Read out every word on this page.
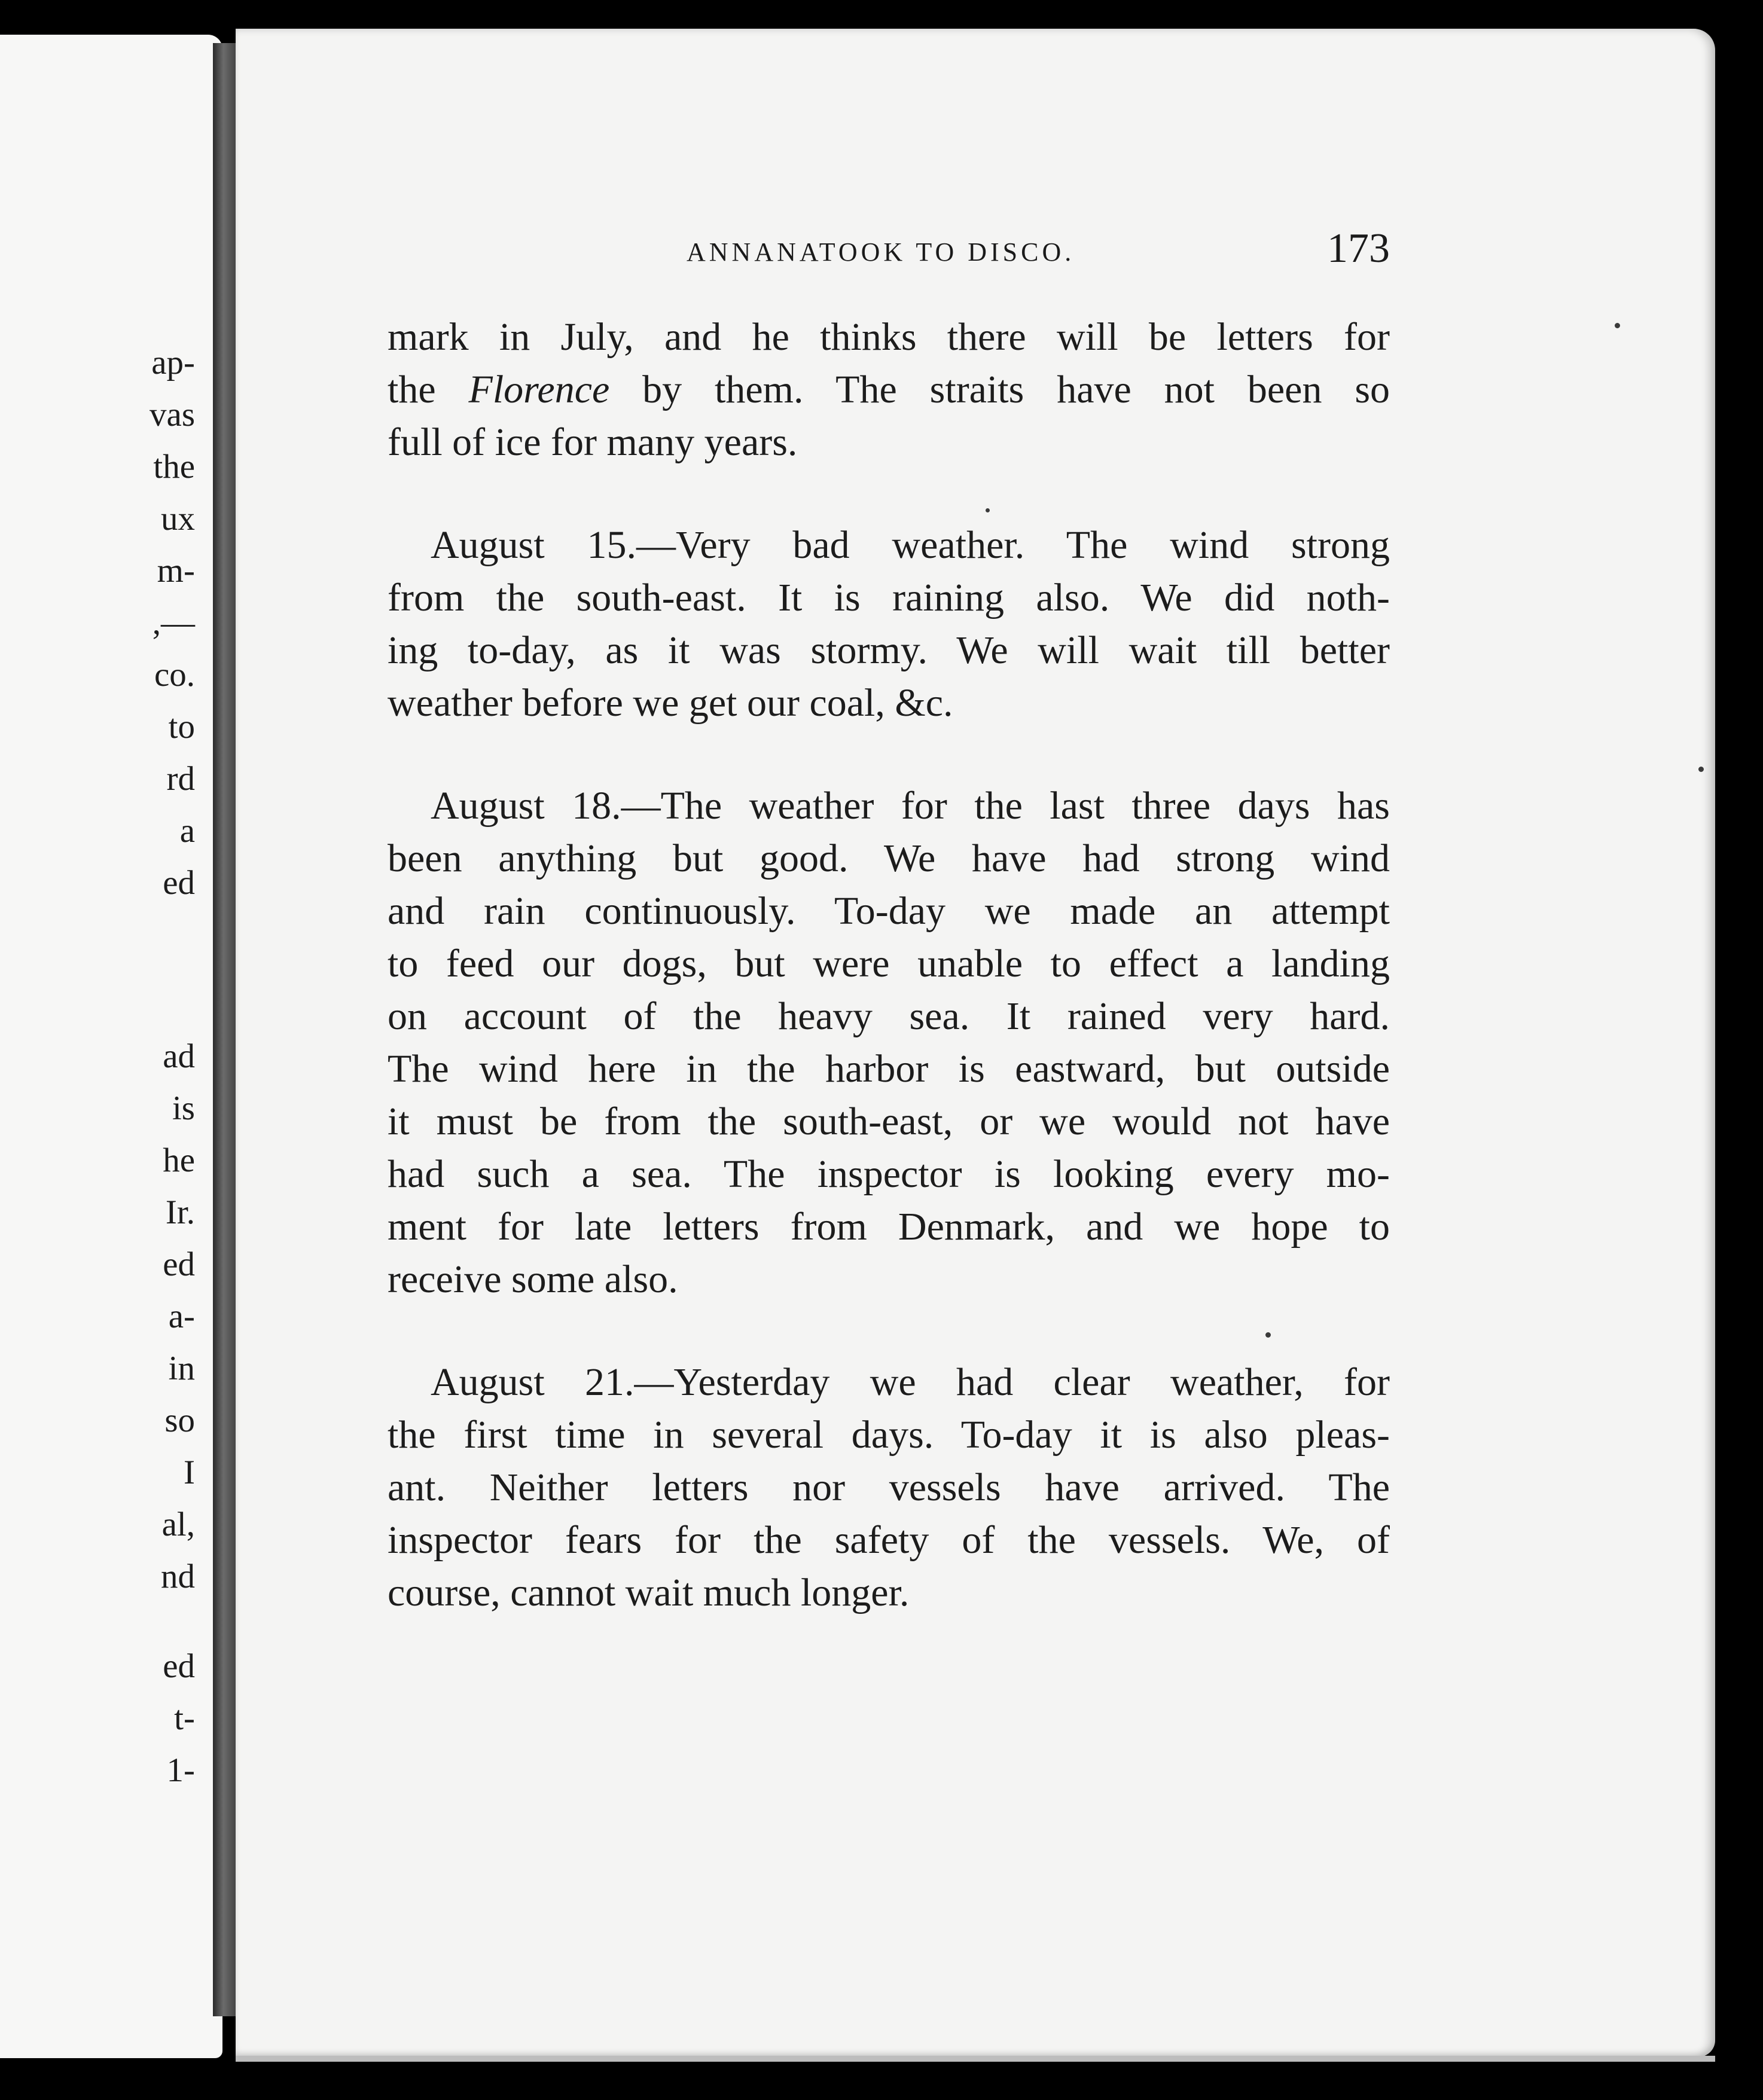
ap-
vas
the
ux
m-
,—
co.
to
rd
a
ed
ad
is
he
Ir.
ed
a-
in
so
I
al,
nd
ed
t-
1-
ANNANATOOK TO DISCO.	173
mark in July, and he thinks there will be letters for
the Florence by them. The straits have not been so
full of ice for many years.
August 15.—Very bad weather. The wind strong
from the south-east. It is raining also. We did noth-
ing to-day, as it was stormy. We will wait till better
weather before we get our coal, &c.
August 18.—The weather for the last three days has
been anything but good. We have had strong wind
and rain continuously. To-day we made an attempt
to feed our dogs, but were unable to effect a landing
on account of the heavy sea. It rained very hard.
The wind here in the harbor is eastward, but outside
it must be from the south-east, or we would not have
had such a sea. The inspector is looking every mo-
ment for late letters from Denmark, and we hope to
receive some also.
August 21.—Yesterday we had clear weather, for
the first time in several days. To-day it is also pleas-
ant. Neither letters nor vessels have arrived. The
inspector fears for the safety of the vessels. We, of
course, cannot wait much longer.
